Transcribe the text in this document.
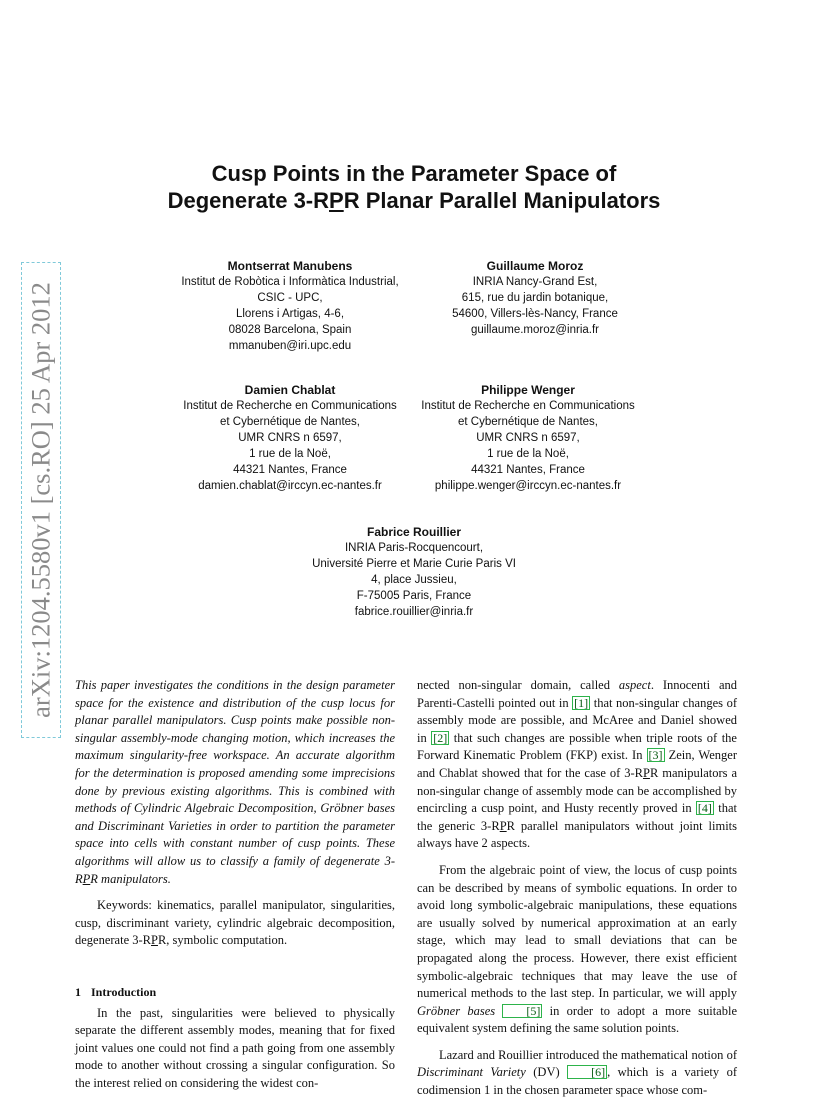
arXiv:1204.5580v1 [cs.RO] 25 Apr 2012
Cusp Points in the Parameter Space of
Degenerate 3-RPR Planar Parallel Manipulators
Montserrat Manubens
Institut de Robòtica i Informàtica Industrial,
CSIC - UPC,
Llorens i Artigas, 4-6,
08028 Barcelona, Spain
mmanuben@iri.upc.edu
Guillaume Moroz
INRIA Nancy-Grand Est,
615, rue du jardin botanique,
54600, Villers-lès-Nancy, France
guillaume.moroz@inria.fr
Damien Chablat
Institut de Recherche en Communications
et Cybernétique de Nantes,
UMR CNRS n 6597,
1 rue de la Noë,
44321 Nantes, France
damien.chablat@irccyn.ec-nantes.fr
Philippe Wenger
Institut de Recherche en Communications
et Cybernétique de Nantes,
UMR CNRS n 6597,
1 rue de la Noë,
44321 Nantes, France
philippe.wenger@irccyn.ec-nantes.fr
Fabrice Rouillier
INRIA Paris-Rocquencourt,
Université Pierre et Marie Curie Paris VI
4, place Jussieu,
F-75005 Paris, France
fabrice.rouillier@inria.fr

This paper investigates the conditions in the design parameter space for the existence and distribution of the cusp locus for planar parallel manipulators. Cusp points make possible non-singular assembly-mode changing motion, which increases the maximum singularity-free workspace. An accurate algorithm for the determination is proposed amending some imprecisions done by previous existing algorithms. This is combined with methods of Cylindric Algebraic Decomposition, Gröbner bases and Discriminant Varieties in order to partition the parameter space into cells with constant number of cusp points. These algorithms will allow us to classify a family of degenerate 3-RPR manipulators.

Keywords: kinematics, parallel manipulator, singularities, cusp, discriminant variety, cylindric algebraic decomposition, degenerate 3-RPR, symbolic computation.

1 Introduction

In the past, singularities were believed to physically separate the different assembly modes, meaning that for fixed joint values one could not find a path going from one assembly mode to another without crossing a singular configuration. So the interest relied on considering the widest con-

nected non-singular domain, called aspect. Innocenti and Parenti-Castelli pointed out in [1] that non-singular changes of assembly mode are possible, and McAree and Daniel showed in [2] that such changes are possible when triple roots of the Forward Kinematic Problem (FKP) exist. In [3] Zein, Wenger and Chablat showed that for the case of 3-RPR manipulators a non-singular change of assembly mode can be accomplished by encircling a cusp point, and Husty recently proved in [4] that the generic 3-RPR parallel manipulators without joint limits always have 2 aspects.

From the algebraic point of view, the locus of cusp points can be described by means of symbolic equations. In order to avoid long symbolic-algebraic manipulations, these equations are usually solved by numerical approximation at an early stage, which may lead to small deviations that can be propagated along the process. However, there exist efficient symbolic-algebraic techniques that may leave the use of numerical methods to the last step. In particular, we will apply Gröbner bases	[5] in order to adopt a more suitable equivalent system defining the same solution points.

Lazard and Rouillier introduced the mathematical notion of Discriminant Variety (DV) [6] , which is a variety of codimension 1 in the chosen parameter space whose com-
